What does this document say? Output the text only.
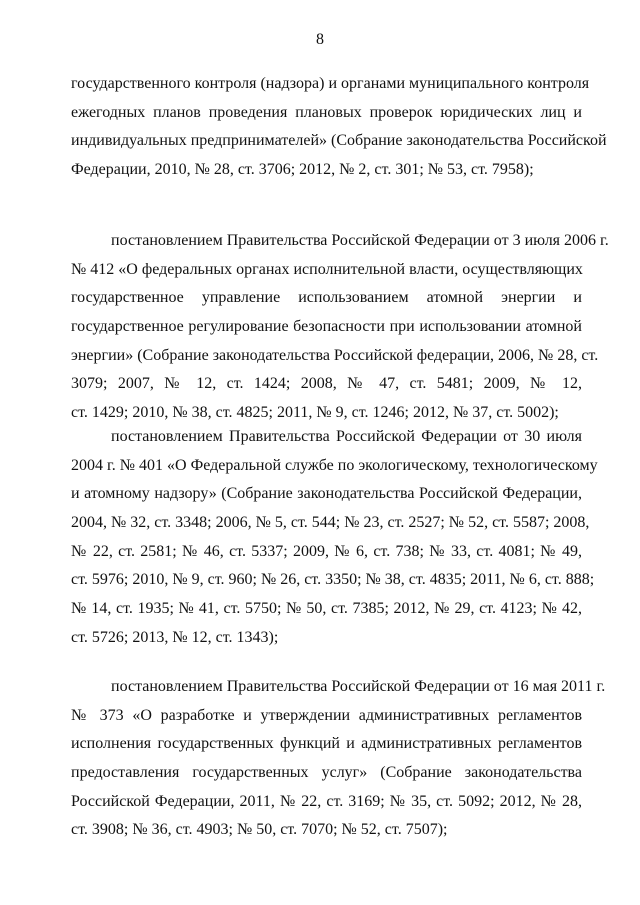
8
государственного контроля (надзора) и органами муниципального контроля
ежегодных планов проведения плановых проверок юридических лиц и
индивидуальных предпринимателей» (Собрание законодательства Российской
Федерации, 2010, № 28, ст. 3706; 2012, № 2, ст. 301; № 53, ст. 7958);
постановлением Правительства Российской Федерации от 3 июля 2006 г.
№ 412 «О федеральных органах исполнительной власти, осуществляющих
государственное управление использованием атомной энергии и
государственное регулирование безопасности при использовании атомной
энергии» (Собрание законодательства Российской федерации, 2006, № 28, ст.
3079; 2007, № 12, ст. 1424; 2008, № 47, ст. 5481; 2009, № 12,
ст. 1429; 2010, № 38, ст. 4825; 2011, № 9, ст. 1246; 2012, № 37, ст. 5002);
постановлением Правительства Российской Федерации от 30 июля
2004 г. № 401 «О Федеральной службе по экологическому, технологическому
и атомному надзору» (Собрание законодательства Российской Федерации,
2004, № 32, ст. 3348; 2006, № 5, ст. 544; № 23, ст. 2527; № 52, ст. 5587; 2008,
№ 22, ст. 2581; № 46, ст. 5337; 2009, № 6, ст. 738; № 33, ст. 4081; № 49,
ст. 5976; 2010, № 9, ст. 960; № 26, ст. 3350; № 38, ст. 4835; 2011, № 6, ст. 888;
№ 14, ст. 1935; № 41, ст. 5750; № 50, ст. 7385; 2012, № 29, ст. 4123; № 42,
ст. 5726; 2013, № 12, ст. 1343);
постановлением Правительства Российской Федерации от 16 мая 2011 г.
№ 373 «О разработке и утверждении административных регламентов
исполнения государственных функций и административных регламентов
предоставления государственных услуг» (Собрание законодательства
Российской Федерации, 2011, № 22, ст. 3169; № 35, ст. 5092; 2012, № 28,
ст. 3908; № 36, ст. 4903; № 50, ст. 7070; № 52, ст. 7507);
